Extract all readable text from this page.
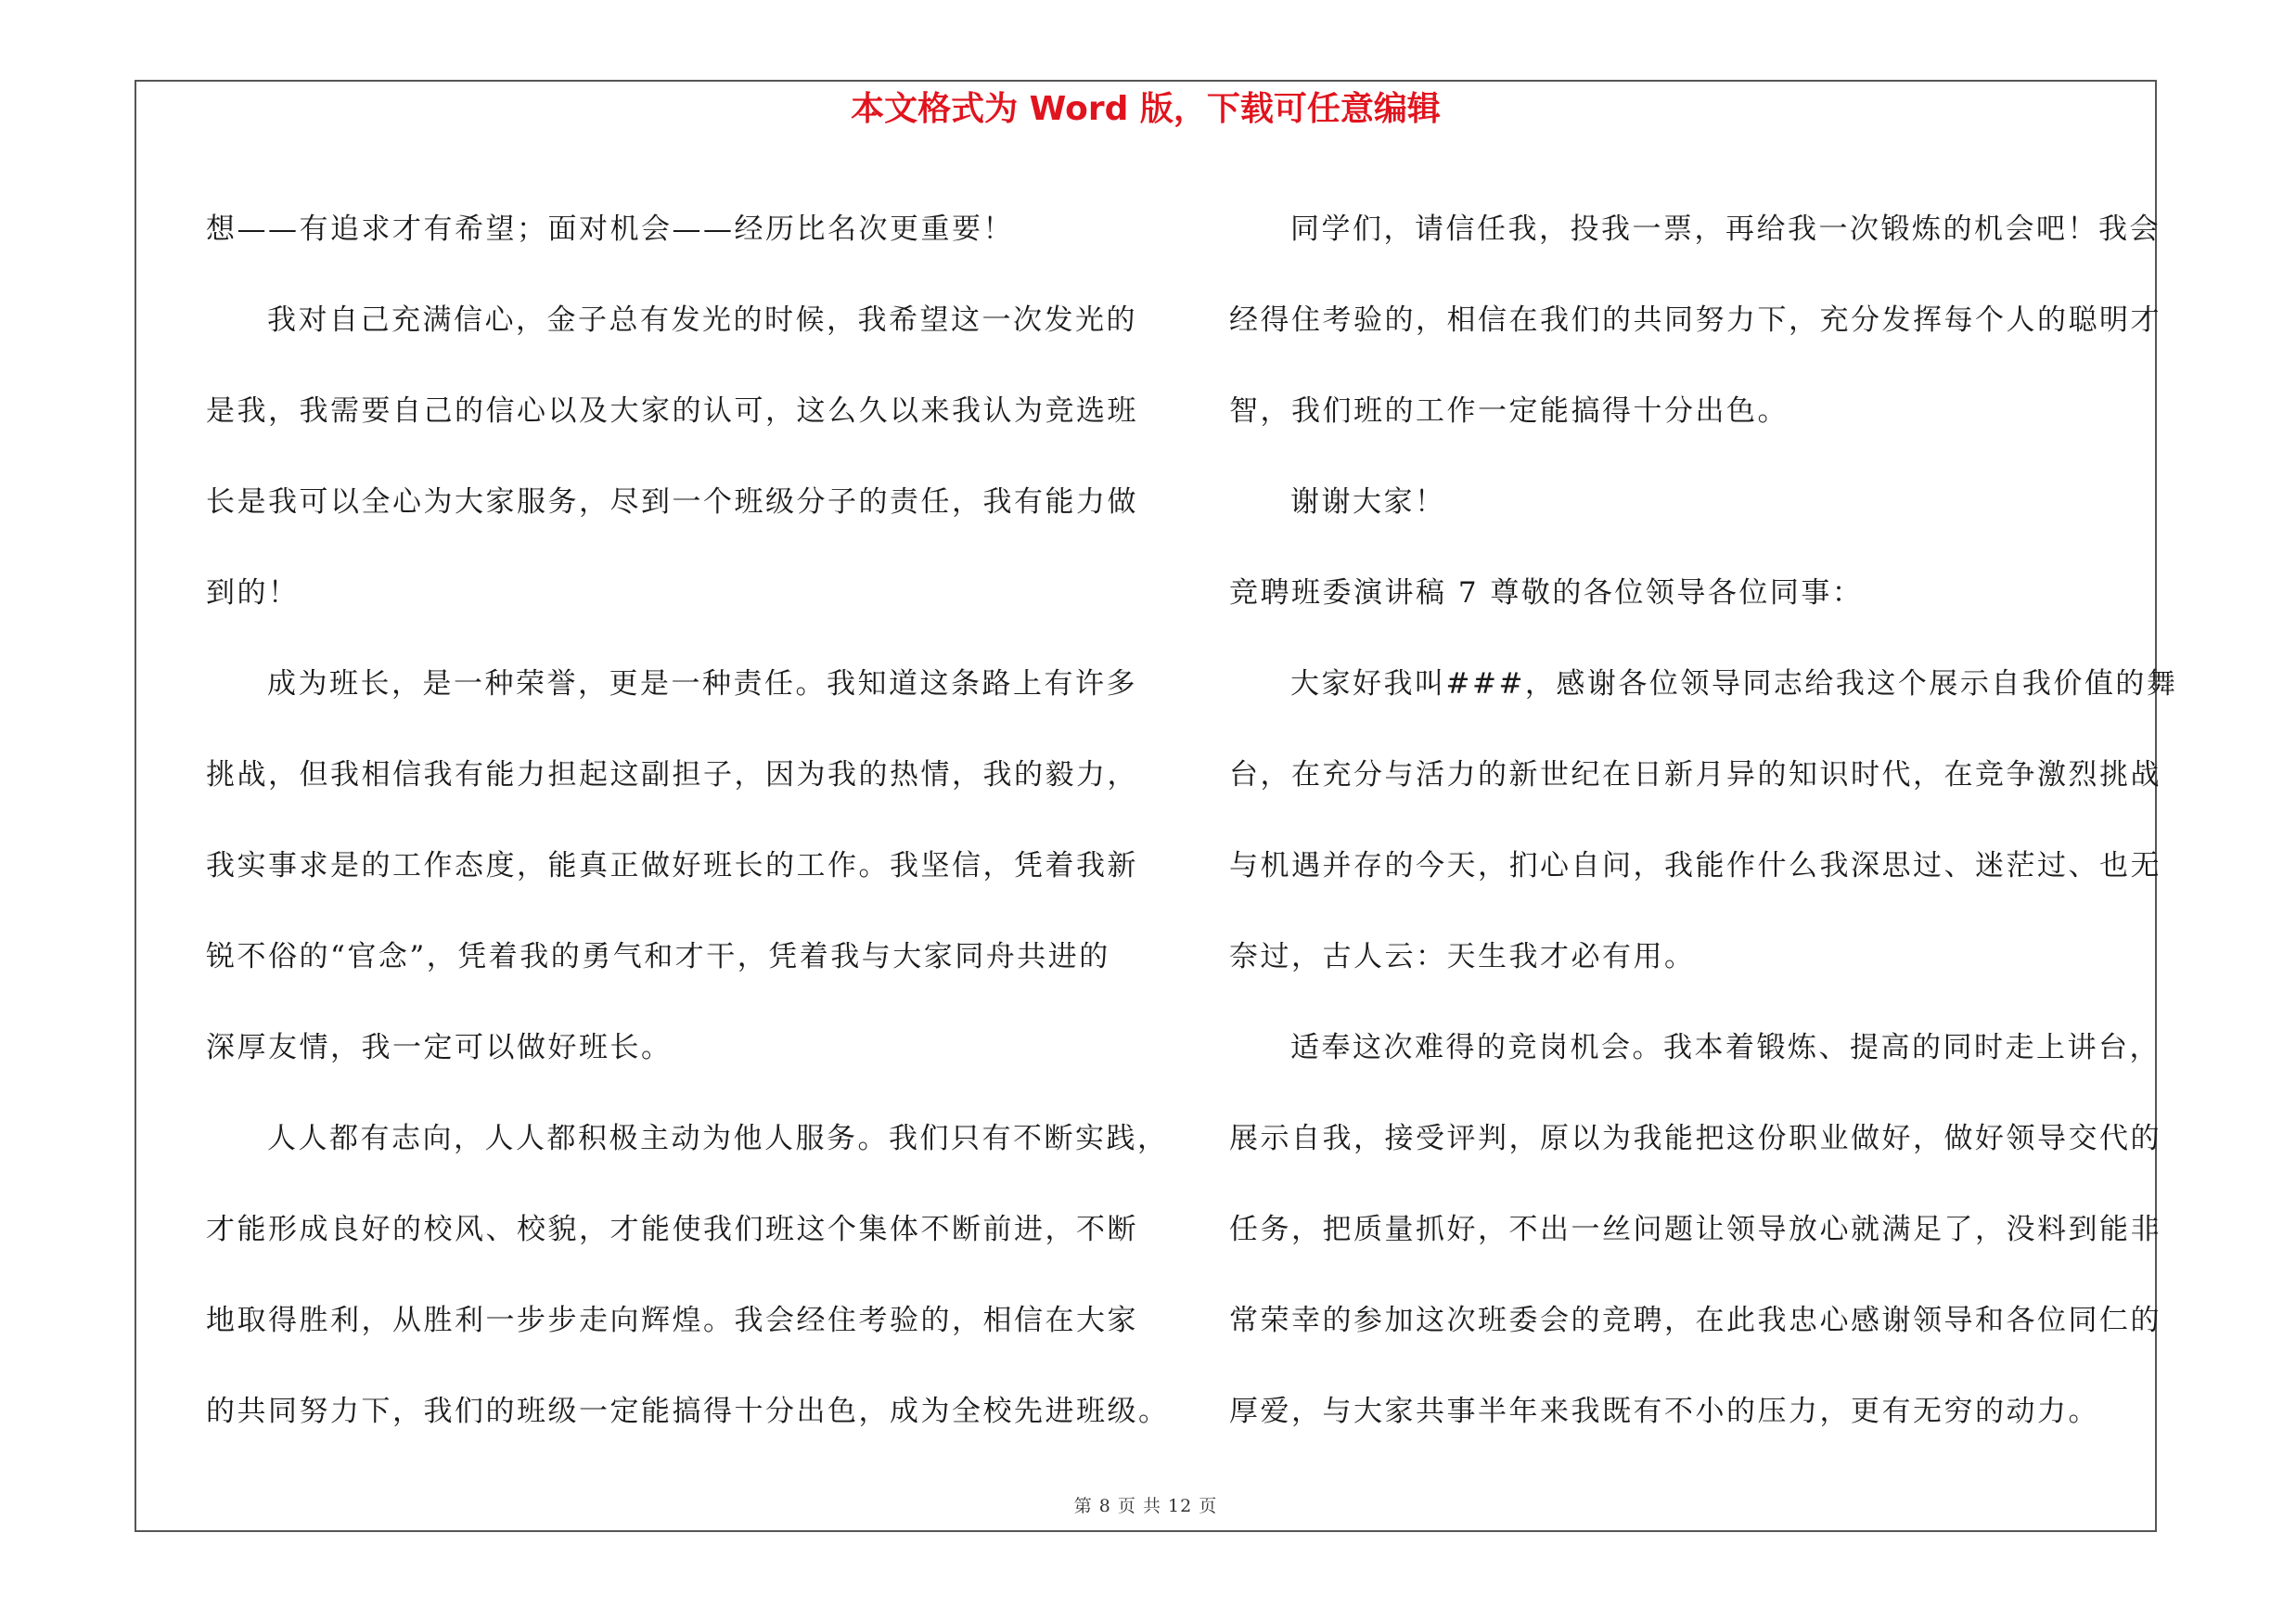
本文格式为 Word 版，下载可任意编辑
想——有追求才有希望；面对机会——经历比名次更重要！
我对自己充满信心，金子总有发光的时候，我希望这一次发光的
是我，我需要自己的信心以及大家的认可，这么久以来我认为竞选班
长是我可以全心为大家服务，尽到一个班级分子的责任，我有能力做
到的！
成为班长，是一种荣誉，更是一种责任。我知道这条路上有许多
挑战，但我相信我有能力担起这副担子，因为我的热情，我的毅力，
我实事求是的工作态度，能真正做好班长的工作。我坚信，凭着我新
锐不俗的“官念”，凭着我的勇气和才干，凭着我与大家同舟共进的
深厚友情，我一定可以做好班长。
人人都有志向，人人都积极主动为他人服务。我们只有不断实践，
才能形成良好的校风、校貌，才能使我们班这个集体不断前进，不断
地取得胜利，从胜利一步步走向辉煌。我会经住考验的，相信在大家
的共同努力下，我们的班级一定能搞得十分出色，成为全校先进班级。
同学们，请信任我，投我一票，再给我一次锻炼的机会吧！我会
经得住考验的，相信在我们的共同努力下，充分发挥每个人的聪明才
智，我们班的工作一定能搞得十分出色。
谢谢大家！
竞聘班委演讲稿 7 尊敬的各位领导各位同事：
大家好我叫###，感谢各位领导同志给我这个展示自我价值的舞
台，在充分与活力的新世纪在日新月异的知识时代，在竞争激烈挑战
与机遇并存的今天，扪心自问，我能作什么我深思过、迷茫过、也无
奈过，古人云：天生我才必有用。
适奉这次难得的竞岗机会。我本着锻炼、提高的同时走上讲台，
展示自我，接受评判，原以为我能把这份职业做好，做好领导交代的
任务，把质量抓好，不出一丝问题让领导放心就满足了，没料到能非
常荣幸的参加这次班委会的竞聘，在此我忠心感谢领导和各位同仁的
厚爱，与大家共事半年来我既有不小的压力，更有无穷的动力。
第 8 页 共 12 页
